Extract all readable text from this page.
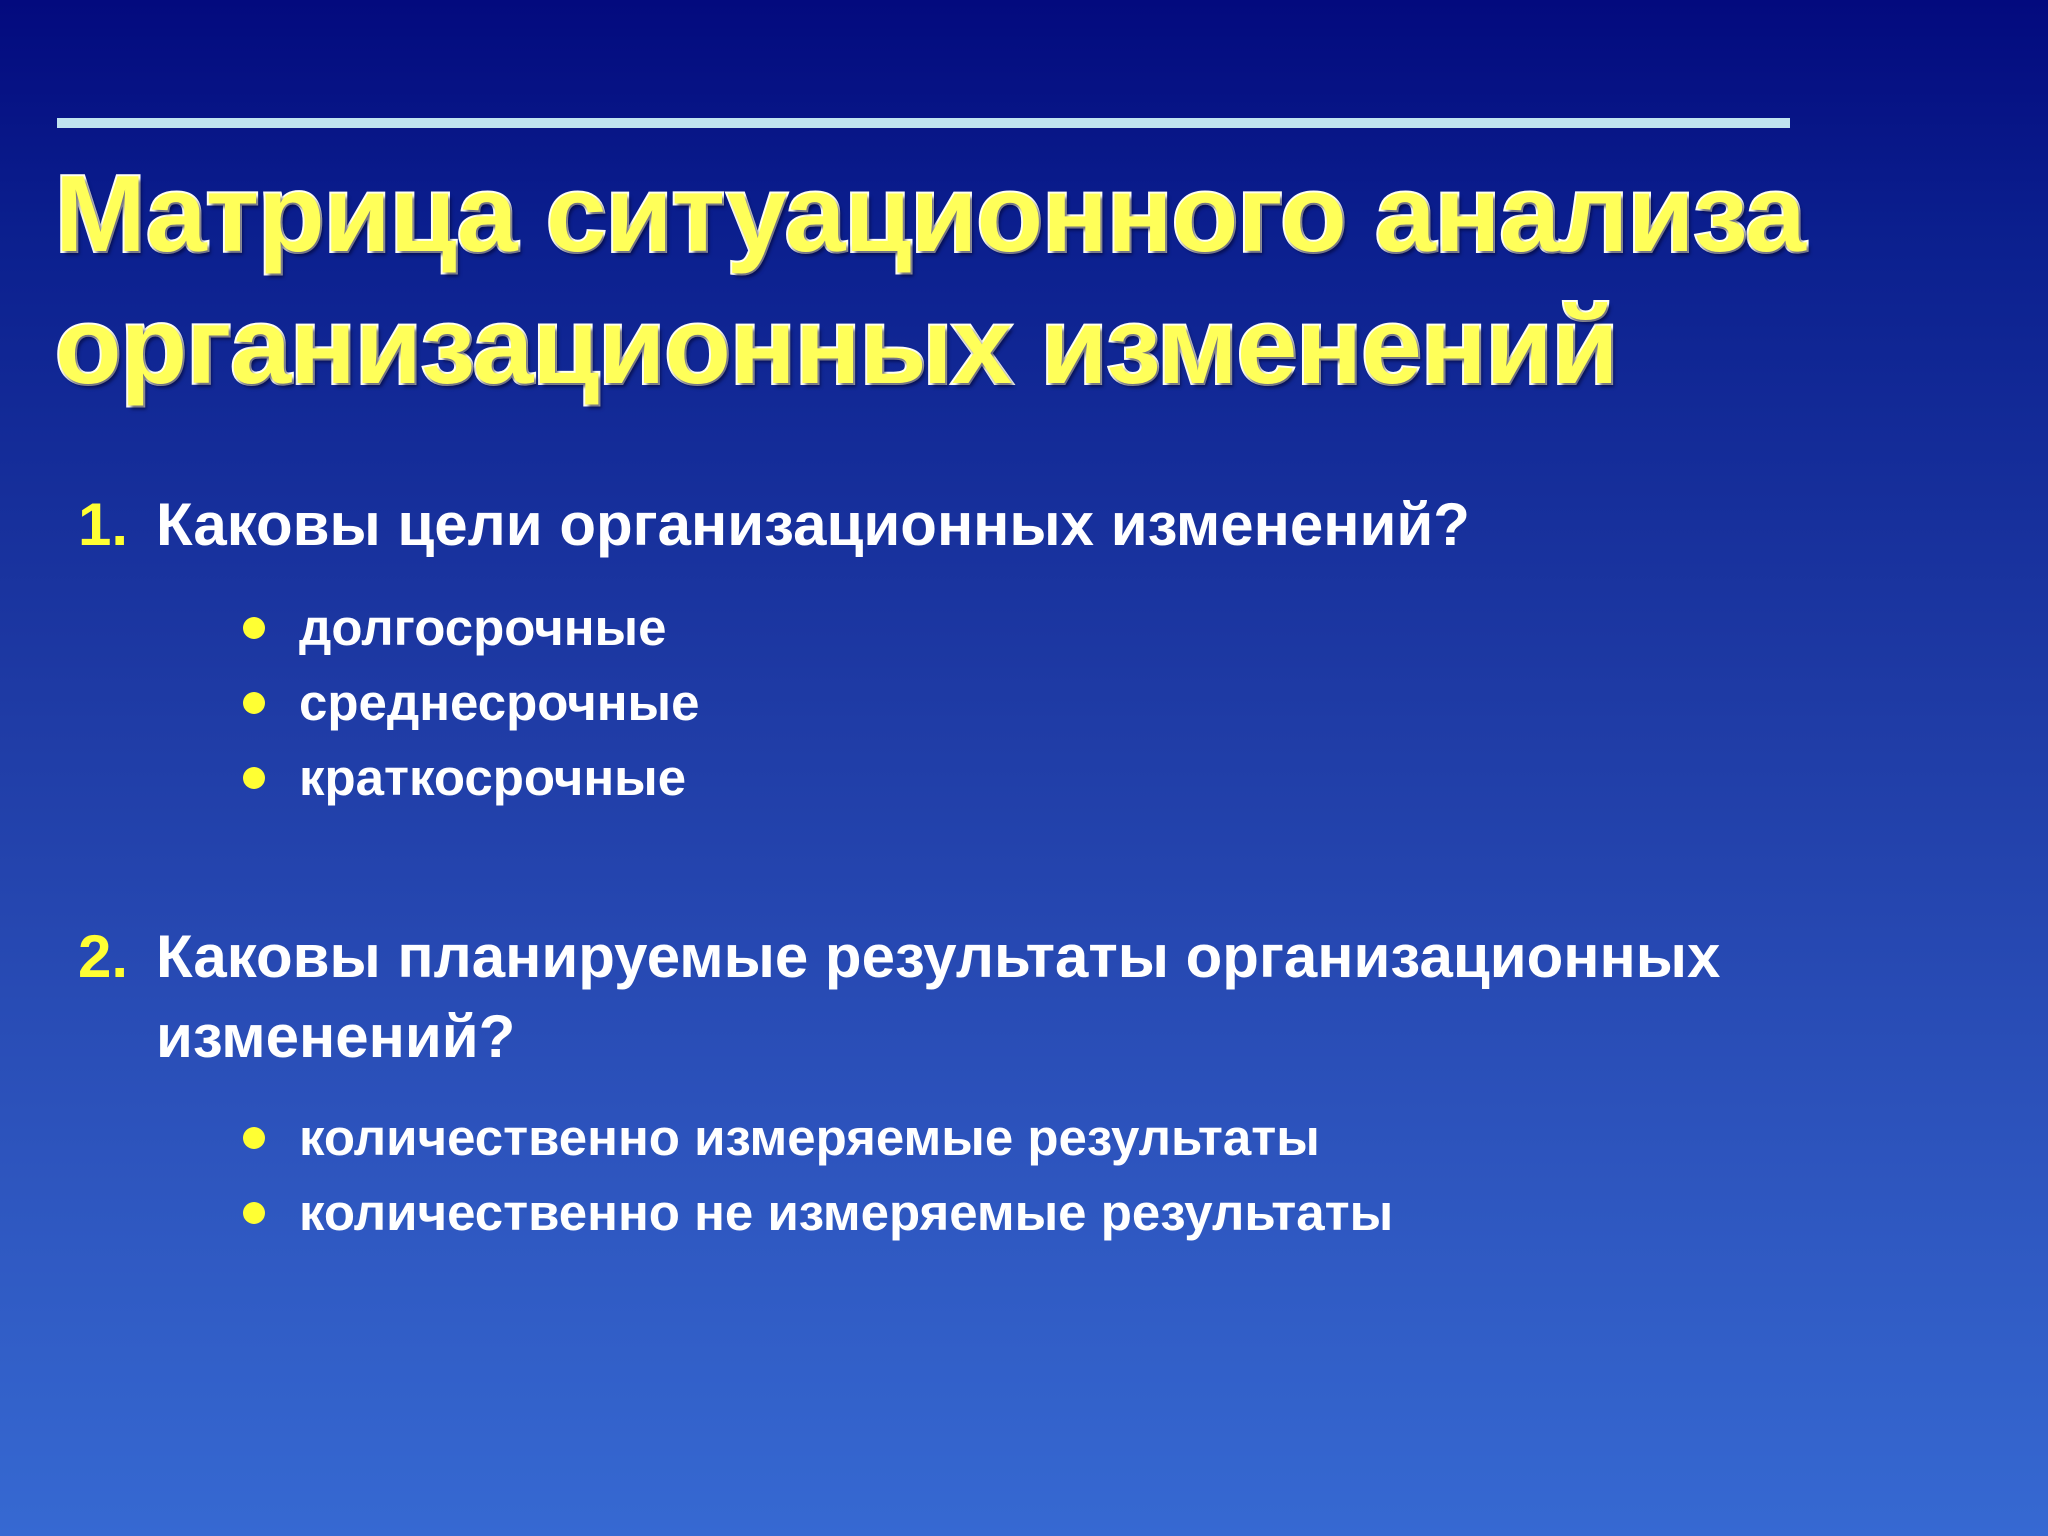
Матрица ситуационного анализа
организационных изменений
1. Каковы цели организационных изменений?
долгосрочные
среднесрочные
краткосрочные
2. Каковы планируемые результаты организационных
изменений?
количественно измеряемые результаты
количественно не измеряемые результаты
